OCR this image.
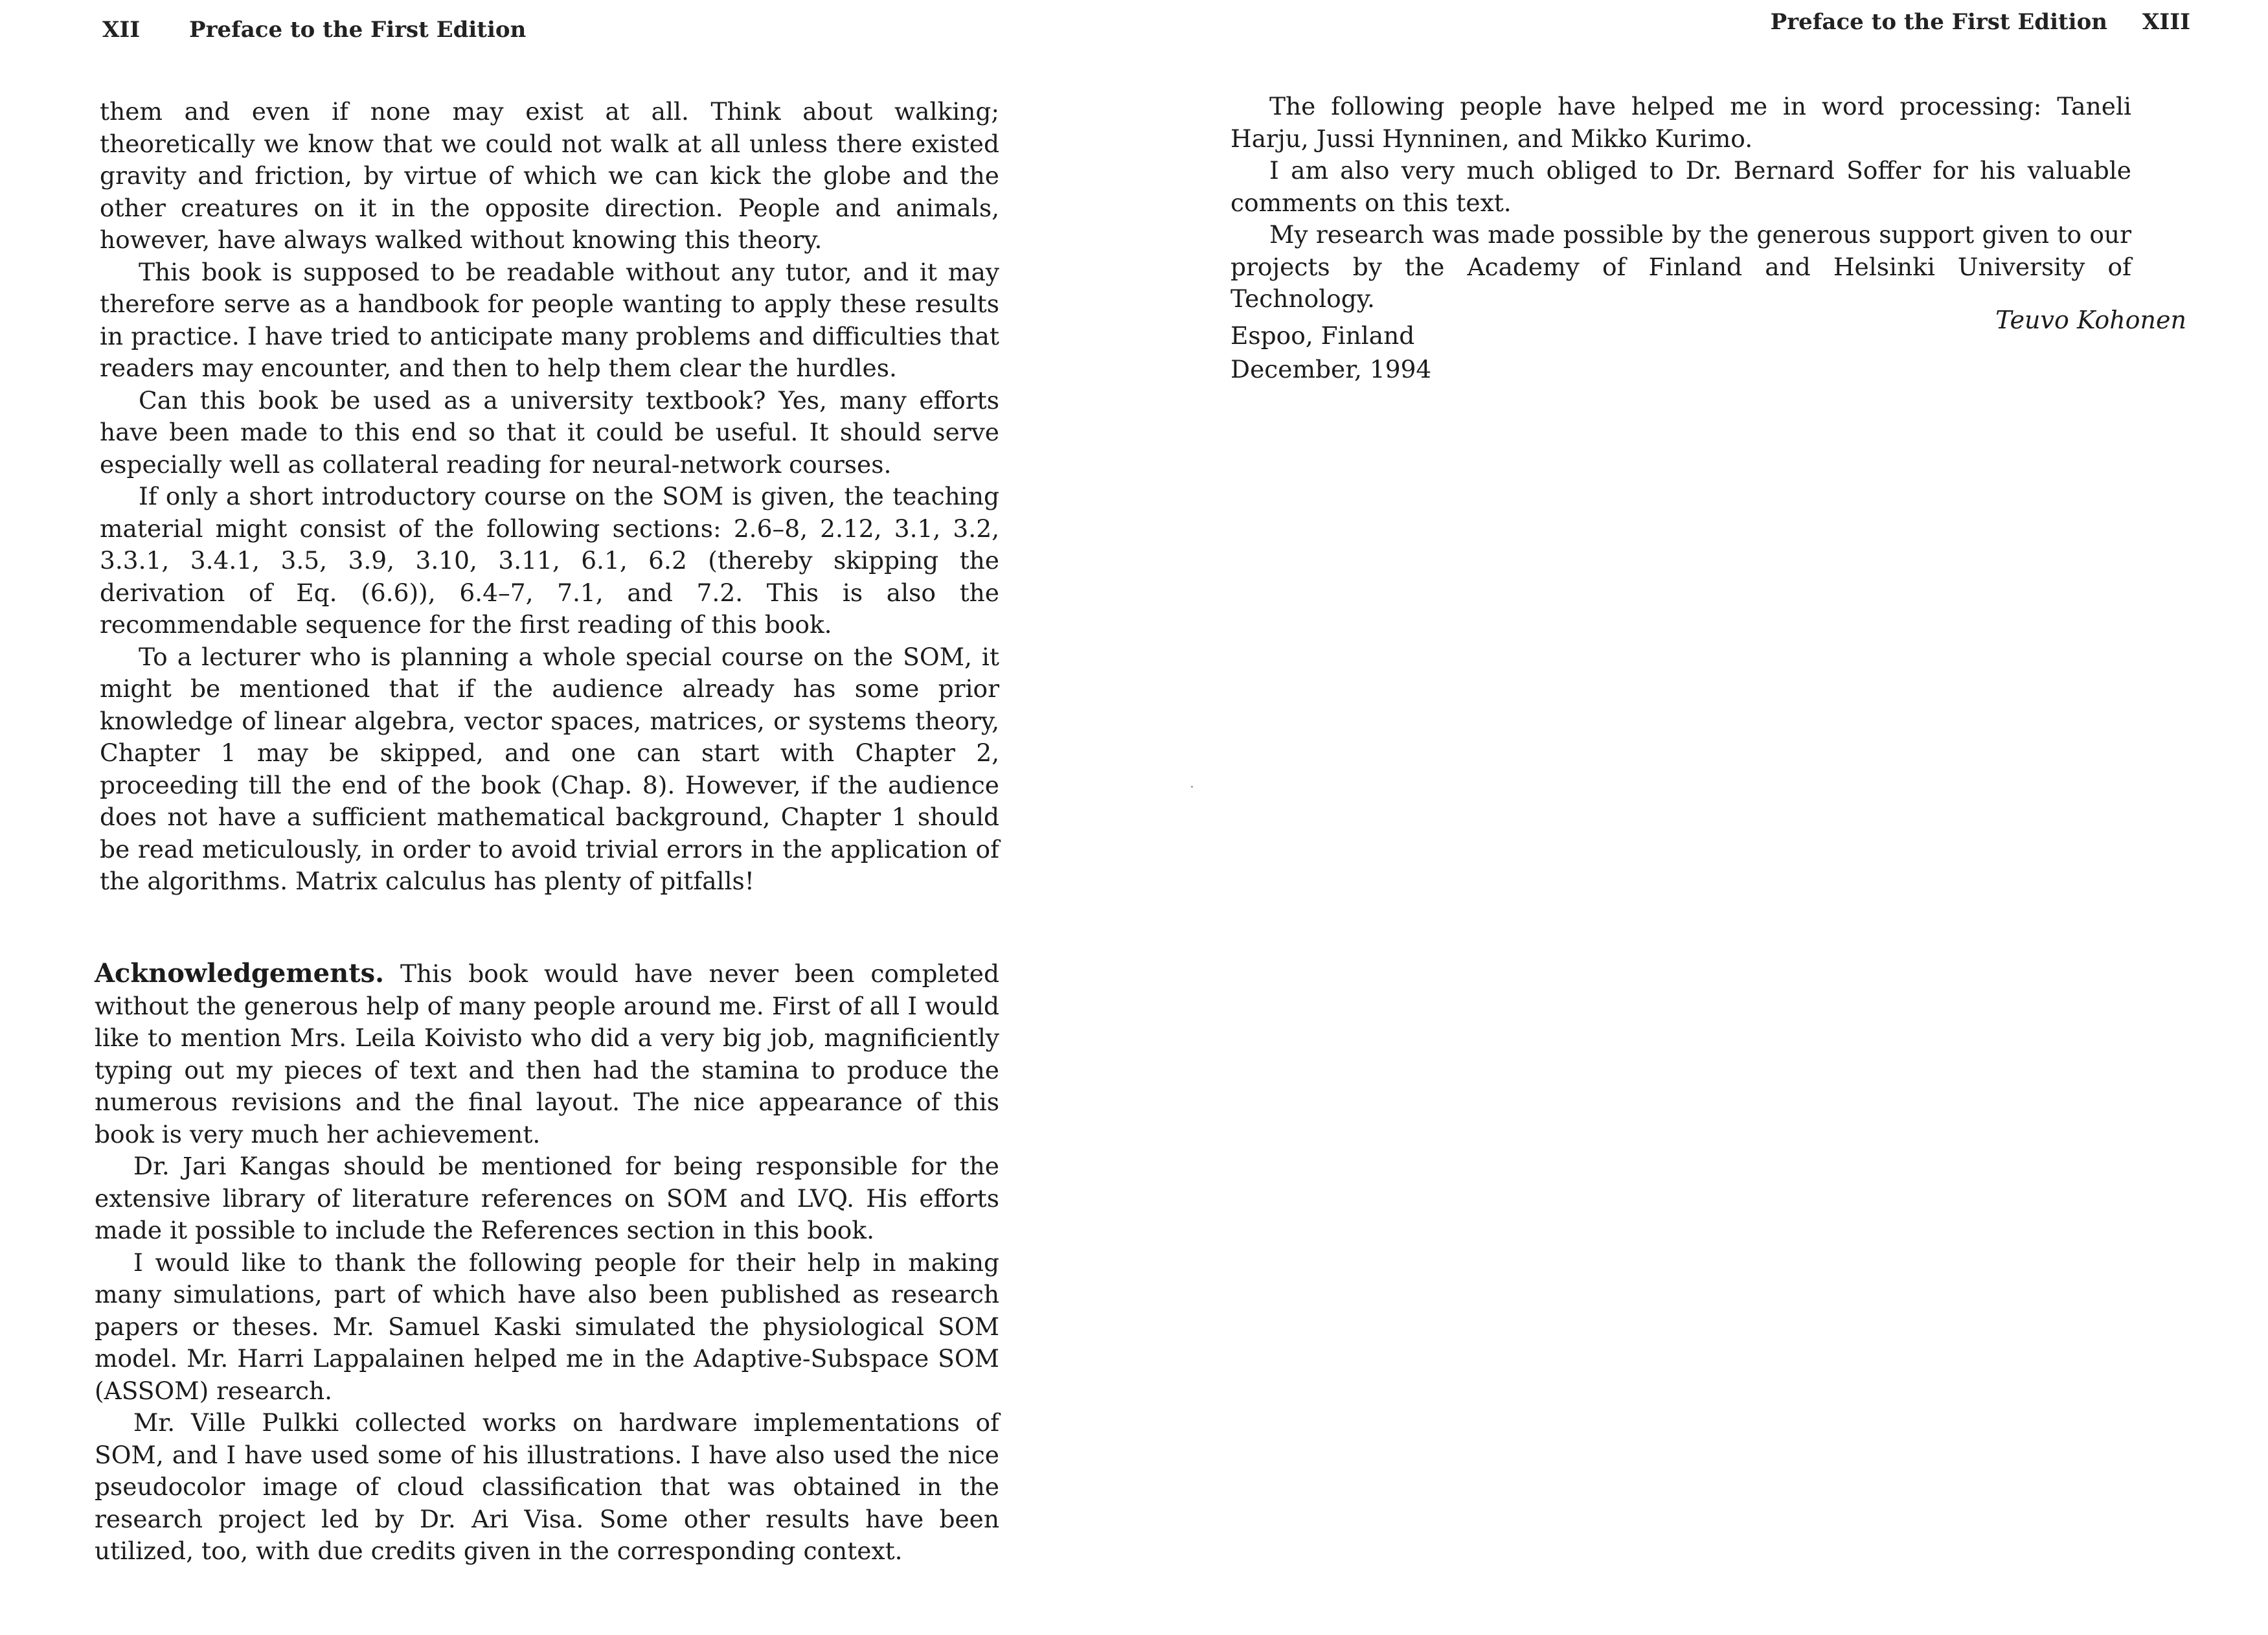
XII Preface to the First Edition

them and even if none may exist at all. Think about walking; theoretically we know that we could not walk at all unless there existed gravity and friction, by virtue of which we can kick the globe and the other creatures on it in the opposite direction. People and animals, however, have always walked without knowing this theory.

This book is supposed to be readable without any tutor, and it may therefore serve as a handbook for people wanting to apply these results in practice. I have tried to anticipate many problems and difficulties that readers may encounter, and then to help them clear the hurdles.

Can this book be used as a university textbook? Yes, many efforts have been made to this end so that it could be useful. It should serve especially well as collateral reading for neural-network courses.

If only a short introductory course on the SOM is given, the teaching material might consist of the following sections: 2.6–8, 2.12, 3.1, 3.2, 3.3.1, 3.4.1, 3.5, 3.9, 3.10, 3.11, 6.1, 6.2 (thereby skipping the derivation of Eq. (6.6)), 6.4–7, 7.1, and 7.2. This is also the recommendable sequence for the first reading of this book.

To a lecturer who is planning a whole special course on the SOM, it might be mentioned that if the audience already has some prior knowledge of linear algebra, vector spaces, matrices, or systems theory, Chapter 1 may be skipped, and one can start with Chapter 2, proceeding till the end of the book (Chap. 8). However, if the audience does not have a sufficient mathematical background, Chapter 1 should be read meticulously, in order to avoid trivial errors in the application of the algorithms. Matrix calculus has plenty of pitfalls!

Acknowledgements. This book would have never been completed without the generous help of many people around me. First of all I would like to mention Mrs. Leila Koivisto who did a very big job, magnificiently typing out my pieces of text and then had the stamina to produce the numerous revisions and the final layout. The nice appearance of this book is very much her achievement.

Dr. Jari Kangas should be mentioned for being responsible for the extensive library of literature references on SOM and LVQ. His efforts made it possible to include the References section in this book.

I would like to thank the following people for their help in making many simulations, part of which have also been published as research papers or theses. Mr. Samuel Kaski simulated the physiological SOM model. Mr. Harri Lappalainen helped me in the Adaptive-Subspace SOM (ASSOM) research.

Mr. Ville Pulkki collected works on hardware implementations of SOM, and I have used some of his illustrations. I have also used the nice pseudocolor image of cloud classification that was obtained in the research project led by Dr. Ari Visa. Some other results have been utilized, too, with due credits given in the corresponding context.

Preface to the First Edition XIII

The following people have helped me in word processing: Taneli Harju, Jussi Hynninen, and Mikko Kurimo.

I am also very much obliged to Dr. Bernard Soffer for his valuable comments on this text.

My research was made possible by the generous support given to our projects by the Academy of Finland and Helsinki University of Technology.

Espoo, Finland
December, 1994
Teuvo Kohonen
